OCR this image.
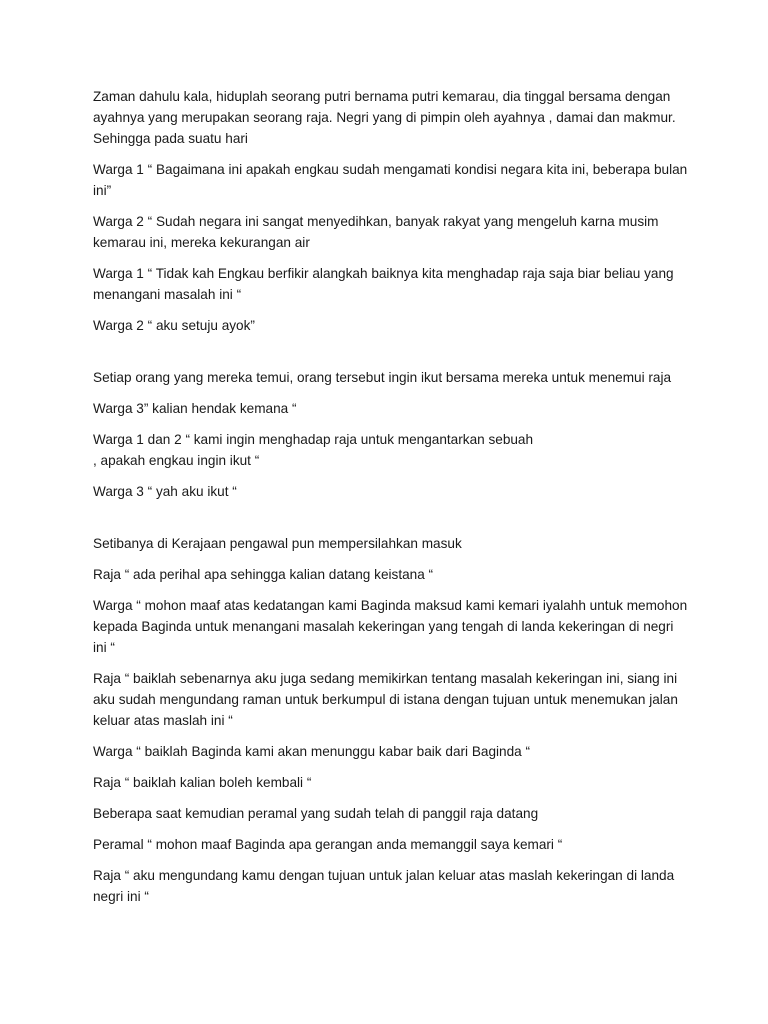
Zaman dahulu kala, hiduplah seorang putri bernama putri kemarau, dia tinggal bersama dengan ayahnya yang merupakan seorang raja. Negri yang di pimpin oleh ayahnya , damai dan makmur. Sehingga pada suatu hari

Warga 1 “ Bagaimana ini apakah engkau sudah mengamati kondisi negara kita ini, beberapa bulan ini”

Warga 2 “ Sudah negara ini sangat menyedihkan, banyak rakyat yang mengeluh karna musim kemarau ini, mereka kekurangan air

Warga 1 “ Tidak kah Engkau berfikir alangkah baiknya kita menghadap raja saja biar beliau yang menangani masalah ini “

Warga 2 “ aku setuju ayok”

Setiap orang yang mereka temui, orang tersebut ingin ikut bersama mereka untuk menemui raja

Warga 3” kalian hendak kemana “

Warga 1 dan 2 “ kami ingin menghadap raja untuk mengantarkan sebuah
, apakah engkau ingin ikut “

Warga 3 “ yah aku ikut “

Setibanya di Kerajaan pengawal pun mempersilahkan masuk

Raja “ ada perihal apa sehingga kalian datang keistana “

Warga “ mohon maaf atas kedatangan kami Baginda maksud kami kemari iyalahh untuk memohon kepada Baginda untuk menangani masalah kekeringan yang tengah di landa kekeringan di negri ini “

Raja “ baiklah sebenarnya aku juga sedang memikirkan tentang masalah kekeringan ini, siang ini aku sudah mengundang raman untuk berkumpul di istana dengan tujuan untuk menemukan jalan keluar atas maslah ini “

Warga “ baiklah Baginda kami akan menunggu kabar baik dari Baginda “

Raja “ baiklah kalian boleh kembali “

Beberapa saat kemudian peramal yang sudah telah di panggil raja datang

Peramal “ mohon maaf Baginda apa gerangan anda memanggil saya kemari “

Raja “ aku mengundang kamu dengan tujuan untuk jalan keluar atas maslah kekeringan di landa negri ini “
